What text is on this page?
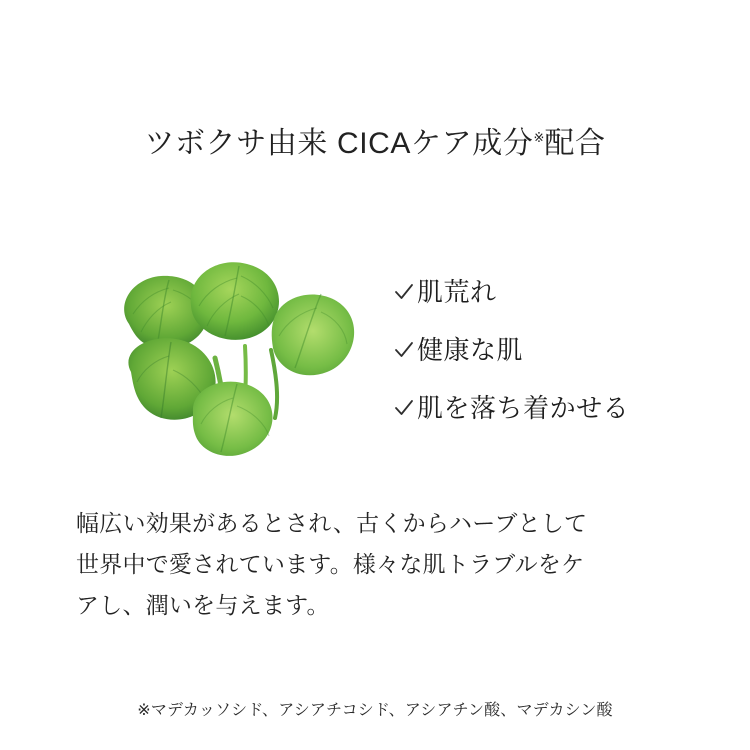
ツボクサ由来 CICAケア成分※配合
肌荒れ
健康な肌
肌を落ち着かせる
幅広い効果があるとされ、古くからハーブとして
世界中で愛されています。様々な肌トラブルをケ
アし、潤いを与えます。
※マデカッソシド、アシアチコシド、アシアチン酸、マデカシン酸
